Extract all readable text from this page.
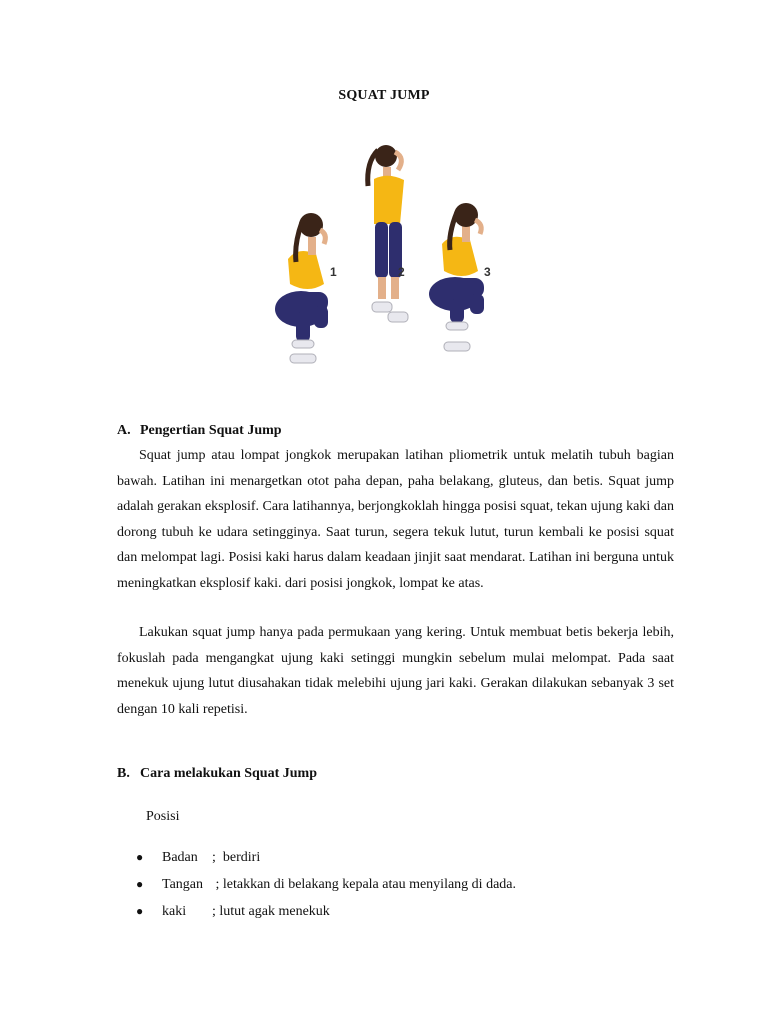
SQUAT JUMP
1	2	3
A. Pengertian Squat Jump

Squat jump atau lompat jongkok merupakan latihan pliometrik untuk melatih tubuh bagian bawah. Latihan ini menargetkan otot paha depan, paha belakang, gluteus, dan betis. Squat jump adalah gerakan eksplosif. Cara latihannya, berjongkoklah hingga posisi squat, tekan ujung kaki dan dorong tubuh ke udara setingginya. Saat turun, segera tekuk lutut, turun kembali ke posisi squat dan melompat lagi. Posisi kaki harus dalam keadaan jinjit saat mendarat. Latihan ini berguna untuk meningkatkan eksplosif kaki. dari posisi jongkok, lompat ke atas.

Lakukan squat jump hanya pada permukaan yang kering. Untuk membuat betis bekerja lebih, fokuslah pada mengangkat ujung kaki setinggi mungkin sebelum mulai melompat. Pada saat menekuk ujung lutut diusahakan tidak melebihi ujung jari kaki. Gerakan dilakukan sebanyak 3 set dengan 10 kali repetisi.

B. Cara melakukan Squat Jump
Posisi
●	Badan	;  berdiri
●	Tangan ; letakkan di belakang kepala atau menyilang di dada.
●	kaki	; lutut agak menekuk
